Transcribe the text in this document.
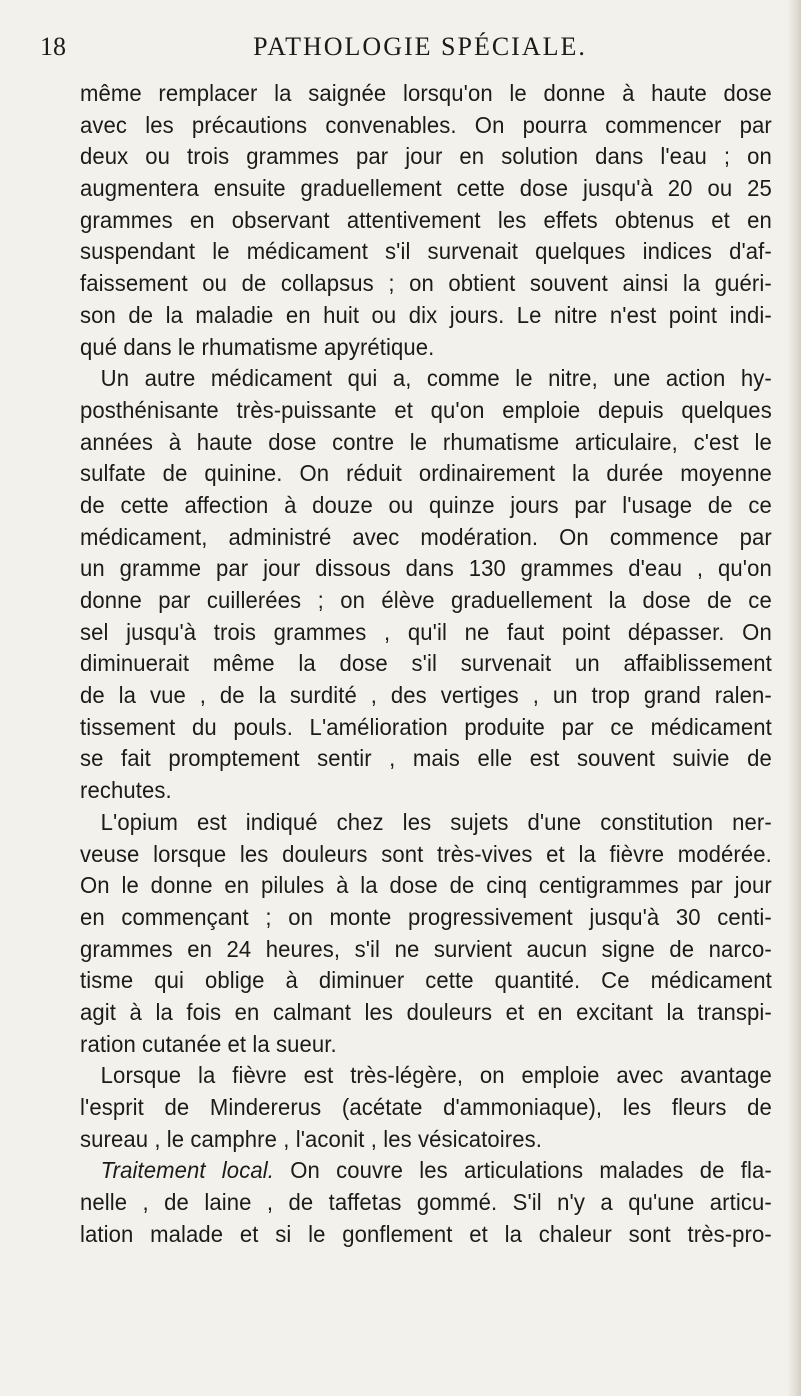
18	PATHOLOGIE SPÉCIALE.
même remplacer la saignée lorsqu'on le donne à haute dose
avec les précautions convenables. On pourra commencer par
deux ou trois grammes par jour en solution dans l'eau ; on
augmentera ensuite graduellement cette dose jusqu'à 20 ou 25
grammes en observant attentivement les effets obtenus et en
suspendant le médicament s'il survenait quelques indices d'af-
faissement ou de collapsus ; on obtient souvent ainsi la guéri-
son de la maladie en huit ou dix jours. Le nitre n'est point indi-
qué dans le rhumatisme apyrétique.
Un autre médicament qui a, comme le nitre, une action hy-
posthénisante très-puissante et qu'on emploie depuis quelques
années à haute dose contre le rhumatisme articulaire, c'est le
sulfate de quinine. On réduit ordinairement la durée moyenne
de cette affection à douze ou quinze jours par l'usage de ce
médicament, administré avec modération. On commence par
un gramme par jour dissous dans 130 grammes d'eau , qu'on
donne par cuillerées ; on élève graduellement la dose de ce
sel jusqu'à trois grammes , qu'il ne faut point dépasser. On
diminuerait même la dose s'il survenait un affaiblissement
de la vue , de la surdité , des vertiges , un trop grand ralen-
tissement du pouls. L'amélioration produite par ce médicament
se fait promptement sentir , mais elle est souvent suivie de
rechutes.
L'opium est indiqué chez les sujets d'une constitution ner-
veuse lorsque les douleurs sont très-vives et la fièvre modérée.
On le donne en pilules à la dose de cinq centigrammes par jour
en commençant ; on monte progressivement jusqu'à 30 centi-
grammes en 24 heures, s'il ne survient aucun signe de narco-
tisme qui oblige à diminuer cette quantité. Ce médicament
agit à la fois en calmant les douleurs et en excitant la transpi-
ration cutanée et la sueur.
Lorsque la fièvre est très-légère, on emploie avec avantage
l'esprit de Mindererus (acétate d'ammoniaque), les fleurs de
sureau , le camphre , l'aconit , les vésicatoires.
Traitement local. On couvre les articulations malades de fla-
nelle , de laine , de taffetas gommé. S'il n'y a qu'une articu-
lation malade et si le gonflement et la chaleur sont très-pro-
